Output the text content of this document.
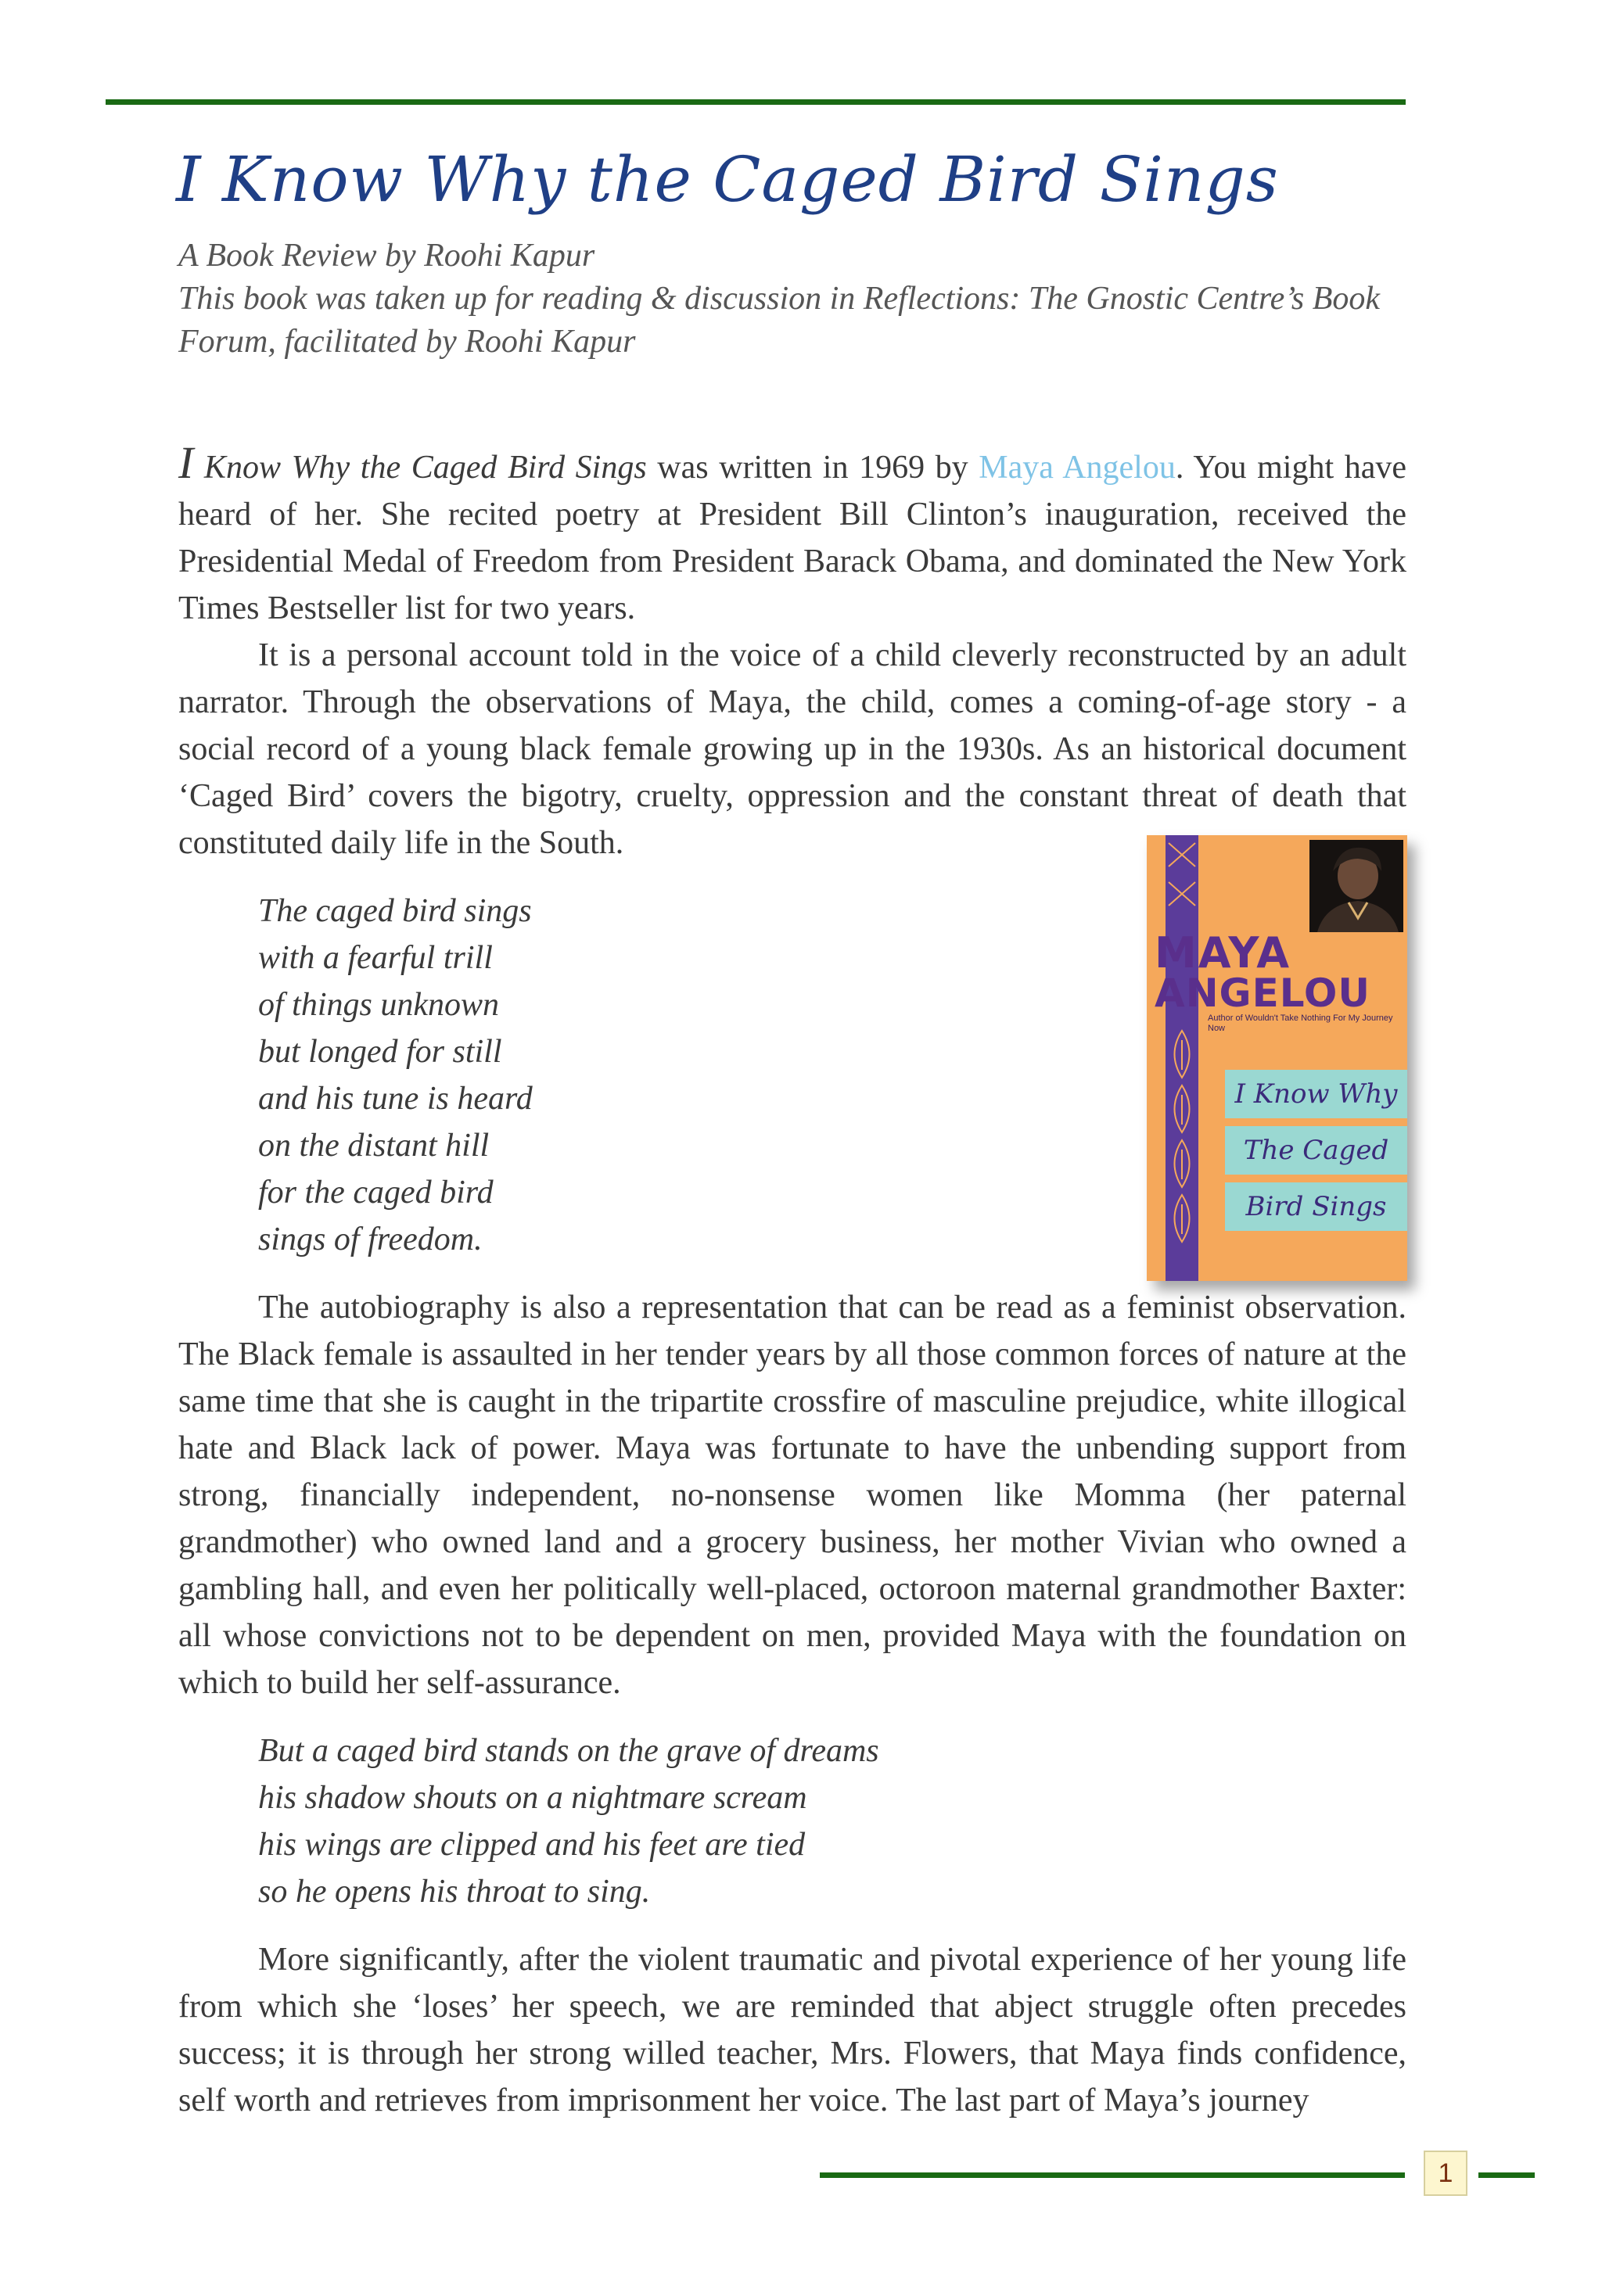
I Know Why the Caged Bird Sings
A Book Review by Roohi Kapur
This book was taken up for reading & discussion in Reflections: The Gnostic Centre’s Book
Forum, facilitated by Roohi Kapur

I Know Why the Caged Bird Sings was written in 1969 by Maya Angelou. You might have heard of her. She recited poetry at President Bill Clinton’s inauguration, received the Presidential Medal of Freedom from President Barack Obama, and dominated the New York Times Bestseller list for two years.

It is a personal account told in the voice of a child cleverly reconstructed by an adult narrator. Through the observations of Maya, the child, comes a coming-of-age story - a social record of a young black female growing up in the 1930s. As an historical document ‘Caged Bird’ covers the bigotry, cruelty, oppression and the constant threat of death that constituted daily life in the South.

The caged bird sings
with a fearful trill
of things unknown
but longed for still
and his tune is heard
on the distant hill
for the caged bird
sings of freedom.

The autobiography is also a representation that can be read as a feminist observation. The Black female is assaulted in her tender years by all those common forces of nature at the same time that she is caught in the tripartite crossfire of masculine prejudice, white illogical hate and Black lack of power. Maya was fortunate to have the unbending support from strong, financially independent, no-nonsense women like Momma (her paternal grandmother) who owned land and a grocery business, her mother Vivian who owned a gambling hall, and even her politically well-placed, octoroon maternal grandmother Baxter: all whose convictions not to be dependent on men, provided Maya with the foundation on which to build her self-assurance.

But a caged bird stands on the grave of dreams
his shadow shouts on a nightmare scream
his wings are clipped and his feet are tied
so he opens his throat to sing.

More significantly, after the violent traumatic and pivotal experience of her young life from which she ‘loses’ her speech, we are reminded that abject struggle often precedes success; it is through her strong willed teacher, Mrs. Flowers, that Maya finds confidence, self worth and retrieves from imprisonment her voice. The last part of Maya’s journey

MAYA
ANGELOU
Author of Wouldn't Take Nothing For My Journey Now
I Know Why
The Caged
Bird Sings
1
